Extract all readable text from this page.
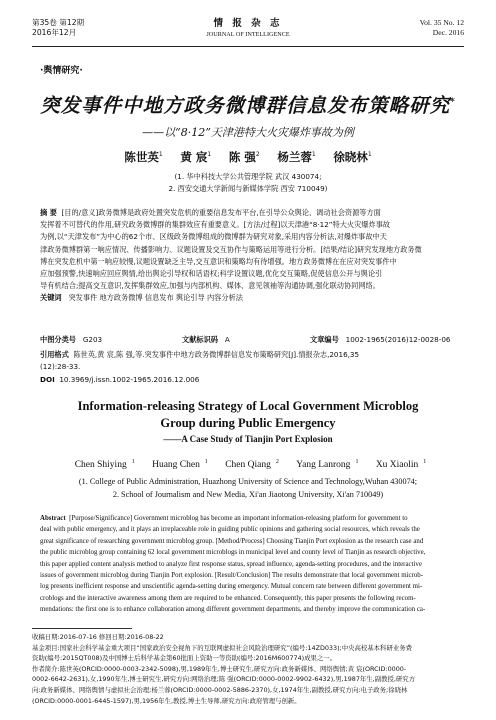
第35卷 第12期
2016年12月
情 报 杂 志
JOURNAL OF INTELLIGENCE
Vol. 35 No. 12
Dec. 2016
·舆情研究·
突发事件中地方政务微博群信息发布策略研究*
——以“8·12”天津港特大火灾爆炸事故为例
陈世英$^1$ 黄 宸$^1$ 陈 强$^2$ 杨兰蓉$^1$ 徐晓林$^1$
(1. 华中科技大学公共管理学院 武汉 430074;
2. 西安交通大学新闻与新媒体学院 西安 710049)
摘 要 [目的/意义]政务微博是政府处置突发危机的重要信息发布平台,在引导公众舆论、调动社会资源等方面
发挥着不可替代的作用,研究政务微博群的集群效应有重要意义。[方法/过程]以天津港“8·12”特大火灾爆炸事故
为例,以“天津发布”为中心的62个市、区级政务微博组成的微博群为研究对象,采用内容分析法,对爆炸事故中天
津政务微博群第一响应情况、传播影响力、议题设置及交互协作与策略运用等进行分析。[结果/结论]研究发现地方政务微
博在突发危机中第一响应较慢,议题设置缺乏主导,交互意识和策略均有待增强。地方政务微博在在应对突发事件中
应加强预警,快速响应回应舆情,给出舆论引导权和话语权;科学设置议题,优化交互策略,促使信息公开与舆论引
导有机结合;提高交互意识,发挥集群效应,加强与内部机构、媒体、意见领袖等沟通协调,强化联动协同网络。
关键词 突发事件 地方政务微博 信息发布 舆论引导 内容分析法
中图分类号 G203	文献标识码 A	文章编号 1002-1965(2016)12-0028-06
引用格式 陈世英,黄 宸,陈 强,等.突发事件中地方政务微博群信息发布策略研究[J].情报杂志,2016,35
(12):28-33.
DOI 10.3969/j.issn.1002-1965.2016.12.006
Information-releasing Strategy of Local Government Microblog
Group during Public Emergency
——A Case Study of Tianjin Port Explosion
Chen Shiying $^1$ Huang Chen $^1$ Chen Qiang $^2$ Yang Lanrong $^1$ Xu Xiaolin $^1$
(1. College of Public Administration, Huazhong University of Science and Technology,Wuhan 430074;
2. School of Journalism and New Media, Xi'an Jiaotong University, Xi'an 710049)
Abstract [Purpose/Significance] Government microblog has become an important information-releasing platform for government to
deal with public emergency, and it plays an irreplaceable role in guiding public opinions and gathering social resources, which reveals the
great significance of researching government microblog group. [Method/Process] Choosing Tianjin Port explosion as the research case and
the public microblog group containing 62 local government microblogs in municipal level and county level of Tianjin as research objective,
this paper applied content analysis method to analyze first response status, spread influence, agenda-setting procedures, and the interactive
issues of government microblog during Tianjin Port explosion. [Result/Conclusion] The results demonstrate that local government microb-
log presents inefficient response and unscientific agenda-setting during emergency. Mutual concern rate between different government mi-
croblogs and the interactive awareness among them are required to be enhanced. Consequently, this paper presents the following recom-
mendations: the first one is to enhance collaboration among different government departments, and thereby improve the communication ca-
收稿日期:2016-07-16 修回日期:2016-08-22
基金项目:国家社会科学基金重大项目“国家政治安全视角下的互联网虚拟社会风险治理研究”(编号:14ZD033);中央高校基本科研业务费
资助(编号:2015QT008)及中国博士后科学基金第60批面上资助一等资助(编号:2016M600774)成果之一。
作者简介:陈世英(ORCID:0000-0003-2342-5098),男,1989年生,博士研究生,研究方向:政务新媒体、网络舆情;黄 宸(ORCID:0000-
0002-6642-2631),女,1990年生,博士研究生,研究方向:网络治理;陈 强(ORCID:0000-0002-9902-6432),男,1987年生,副教授,研究方
向:政务新媒体、网络舆情与虚拟社会治理;杨兰蓉(ORCID:0000-0002-5886-2370),女,1974年生,副教授,研究方向:电子政务;徐晓林
(ORCID:0000-0001-6445-1597),男,1956年生,教授,博士生导师,研究方向:政府管理与创新。
